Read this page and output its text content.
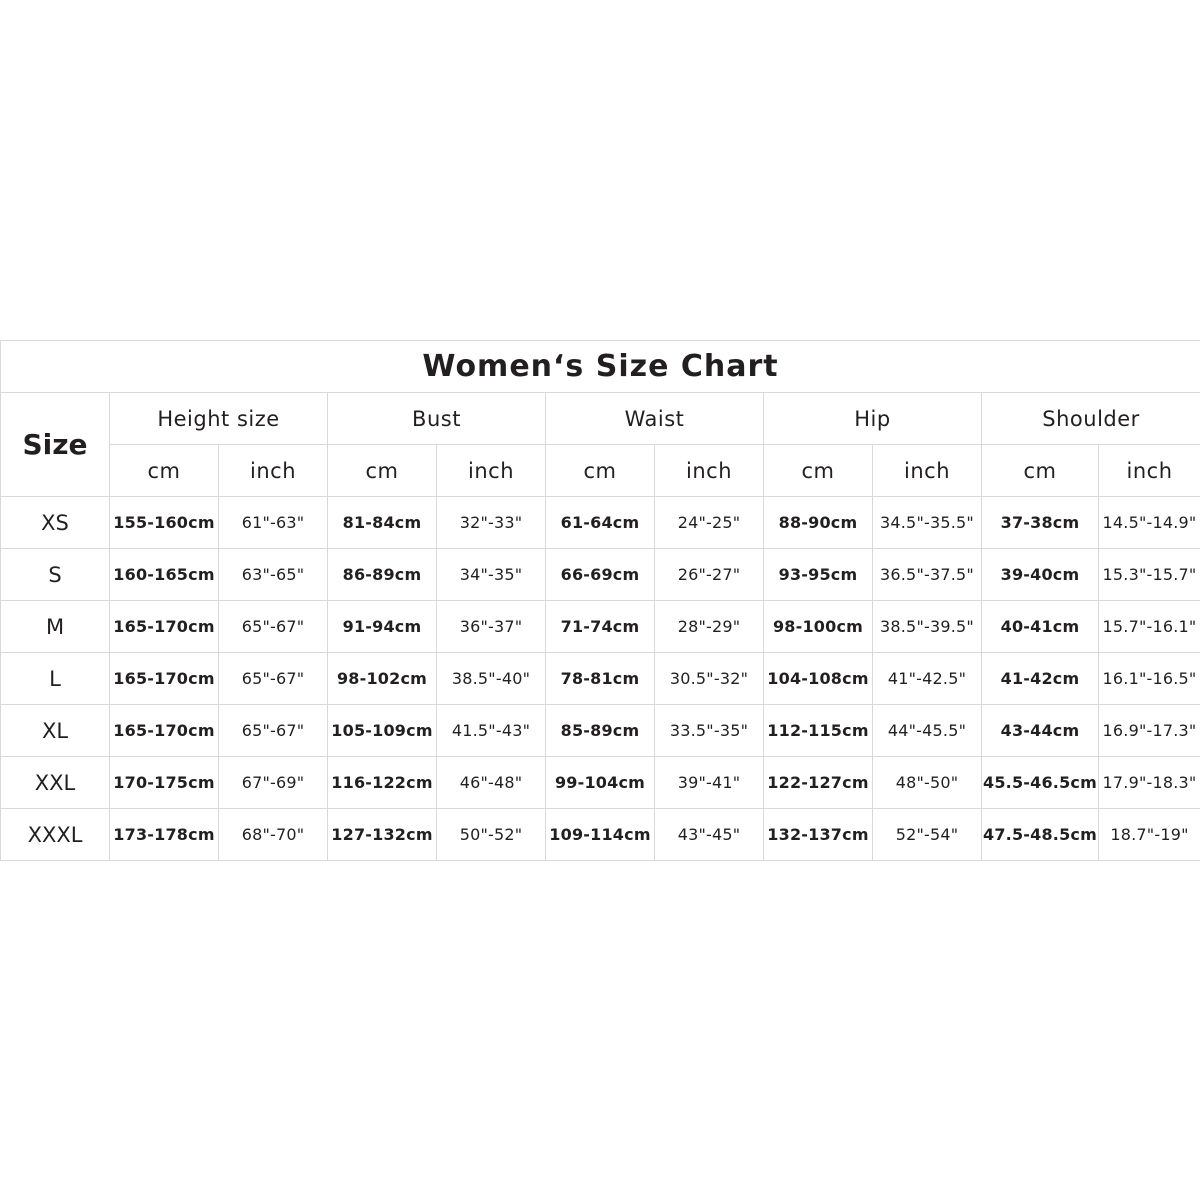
Women‘s Size Chart										
Size	Height size		Bust		Waist		Hip		Shoulder	
	cm	inch	cm	inch	cm	inch	cm	inch	cm	inch
XS	155-160cm	61"-63"	81-84cm	32"-33"	61-64cm	24"-25"	88-90cm	34.5"-35.5"	37-38cm	14.5"-14.9"
S	160-165cm	63"-65"	86-89cm	34"-35"	66-69cm	26"-27"	93-95cm	36.5"-37.5"	39-40cm	15.3"-15.7"
M	165-170cm	65"-67"	91-94cm	36"-37"	71-74cm	28"-29"	98-100cm	38.5"-39.5"	40-41cm	15.7"-16.1"
L	165-170cm	65"-67"	98-102cm	38.5"-40"	78-81cm	30.5"-32"	104-108cm	41"-42.5"	41-42cm	16.1"-16.5"
XL	165-170cm	65"-67"	105-109cm	41.5"-43"	85-89cm	33.5"-35"	112-115cm	44"-45.5"	43-44cm	16.9"-17.3"
XXL	170-175cm	67"-69"	116-122cm	46"-48"	99-104cm	39"-41"	122-127cm	48"-50"	45.5-46.5cm	17.9"-18.3"
XXXL	173-178cm	68"-70"	127-132cm	50"-52"	109-114cm	43"-45"	132-137cm	52"-54"	47.5-48.5cm	18.7"-19"
